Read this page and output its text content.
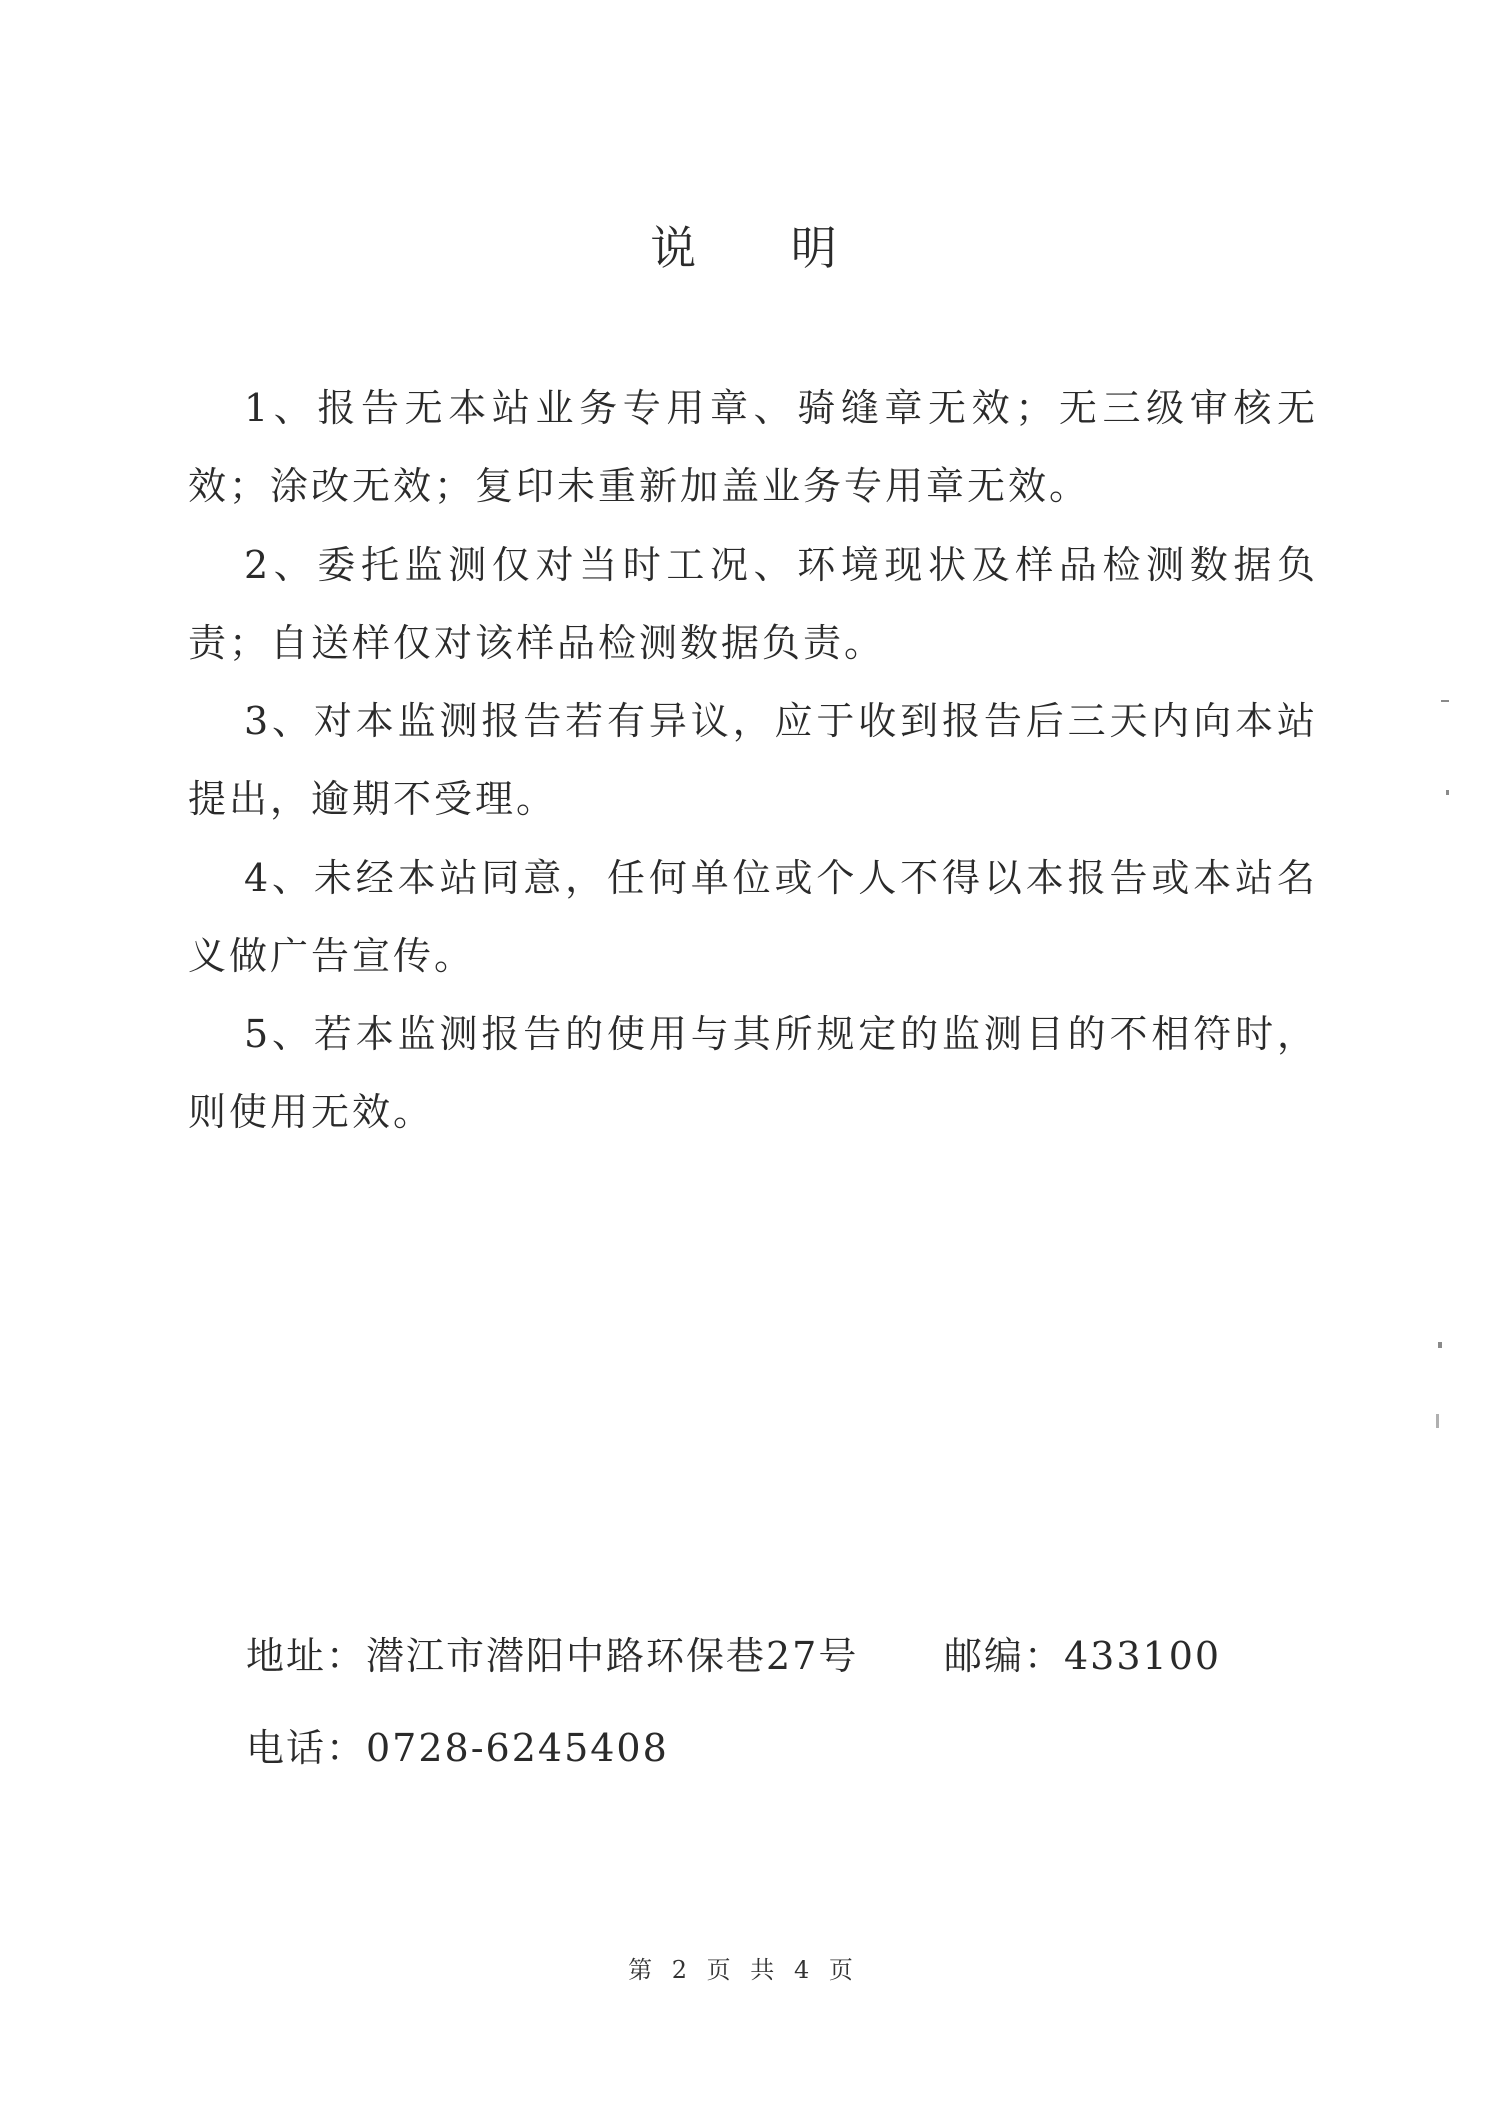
说 明
1、报告无本站业务专用章、骑缝章无效；无三级审核无效；涂改无效；复印未重新加盖业务专用章无效。
2、委托监测仅对当时工况、环境现状及样品检测数据负责；自送样仅对该样品检测数据负责。
3、对本监测报告若有异议，应于收到报告后三天内向本站提出，逾期不受理。
4、未经本站同意，任何单位或个人不得以本报告或本站名义做广告宣传。
5、若本监测报告的使用与其所规定的监测目的不相符时，则使用无效。
地址：潜江市潜阳中路环保巷27号 邮编：433100
电话：0728-6245408
第 2 页 共 4 页
